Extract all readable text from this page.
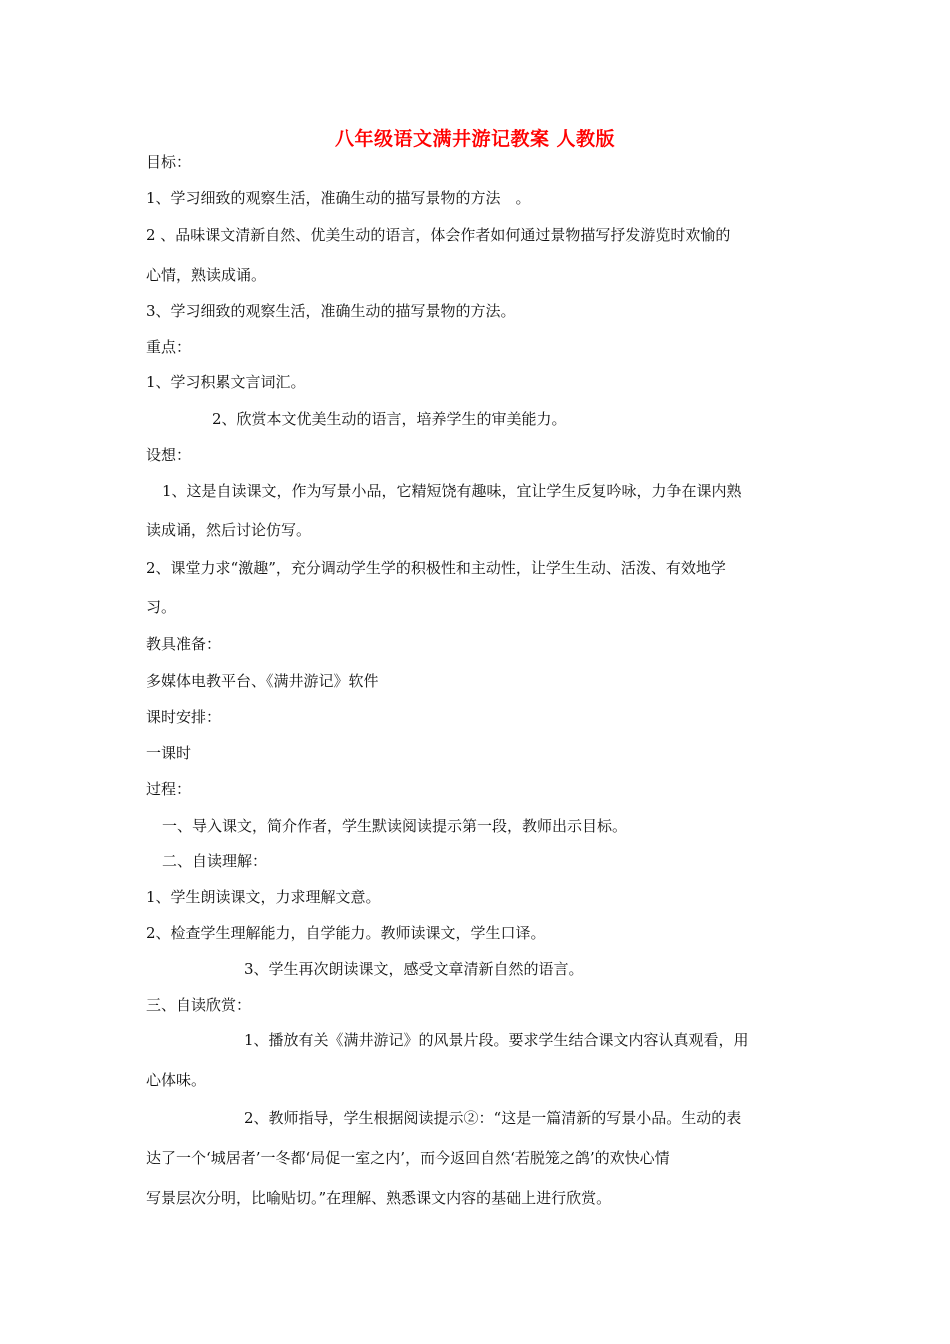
八年级语文满井游记教案 人教版
目标：
1、学习细致的观察生活，准确生动的描写景物的方法　。
2 、品味课文清新自然、优美生动的语言，体会作者如何通过景物描写抒发游览时欢愉的
心情，熟读成诵。
3、学习细致的观察生活，准确生动的描写景物的方法。
重点：
1、学习积累文言词汇。
2、欣赏本文优美生动的语言，培养学生的审美能力。
设想：
1、这是自读课文，作为写景小品，它精短饶有趣味，宜让学生反复吟咏，力争在课内熟
读成诵，然后讨论仿写。
2、课堂力求“激趣”，充分调动学生学的积极性和主动性，让学生生动、活泼、有效地学
习。
教具准备：
多媒体电教平台、《满井游记》软件
课时安排：
一课时
过程：
一、导入课文，简介作者，学生默读阅读提示第一段，教师出示目标。
二、自读理解：
1、学生朗读课文，力求理解文意。
2、检查学生理解能力，自学能力。教师读课文，学生口译。
3、学生再次朗读课文，感受文章清新自然的语言。
三、自读欣赏：
1、播放有关《满井游记》的风景片段。要求学生结合课文内容认真观看，用
心体味。
2、教师指导，学生根据阅读提示②：“这是一篇清新的写景小品。生动的表
达了一个‘城居者’一冬都‘局促一室之内’，而今返回自然‘若脱笼之鸽’的欢快心情
写景层次分明，比喻贴切。”在理解、熟悉课文内容的基础上进行欣赏。
